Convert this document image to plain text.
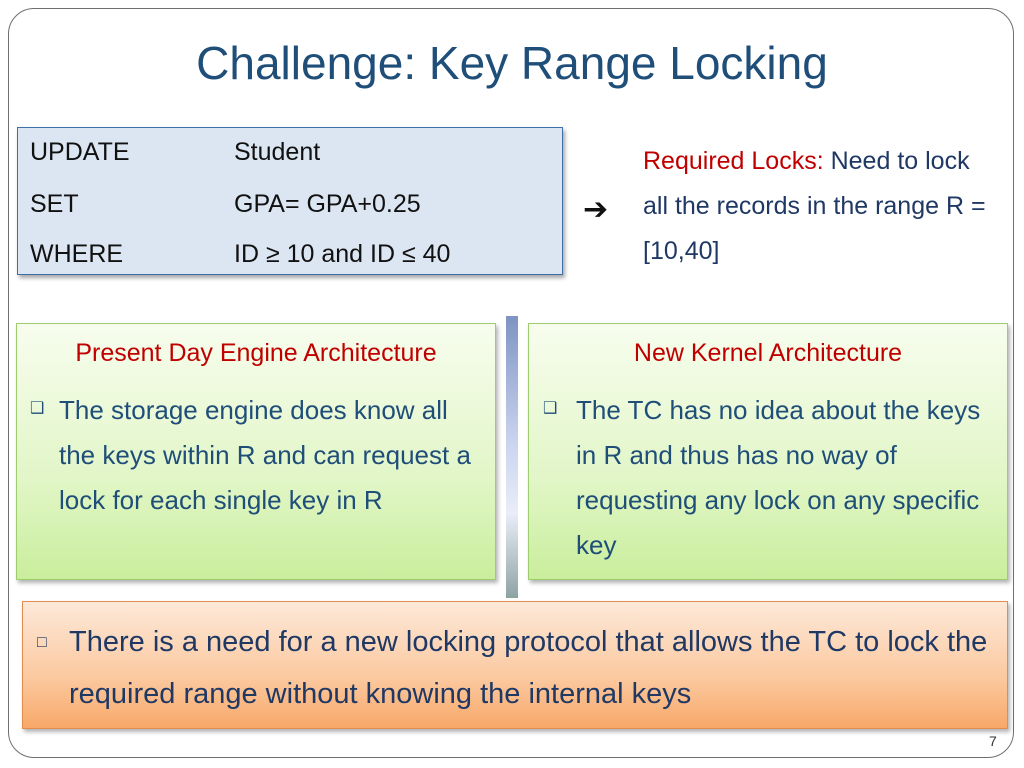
Challenge: Key Range Locking
UPDATE	Student
SET	GPA= GPA+0.25
WHERE	ID ≥ 10 and ID ≤ 40
➔
Required Locks: Need to lock all the records in the range R = [10,40]
Present Day Engine Architecture
❑ The storage engine does know all the keys within R and can request a lock for each single key in R
New Kernel Architecture
❑ The TC has no idea about the keys in R and thus has no way of requesting any lock on any specific key
□ There is a need for a new locking protocol that allows the TC to lock the required range without knowing the internal keys
7
